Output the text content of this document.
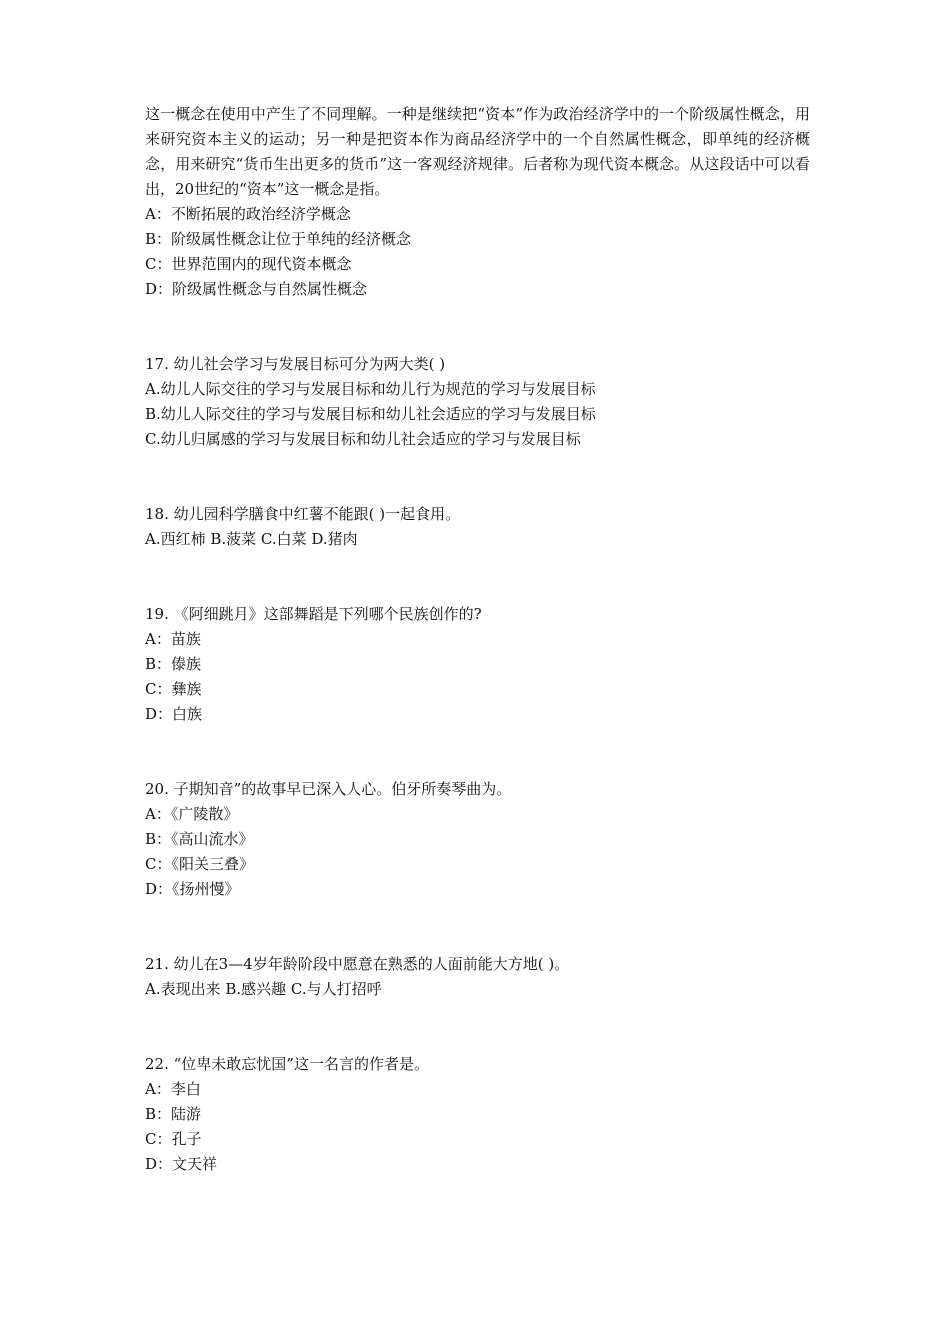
这一概念在使用中产生了不同理解。一种是继续把“资本”作为政治经济学中的一个阶级属性概念，用来研究资本主义的运动；另一种是把资本作为商品经济学中的一个自然属性概念，即单纯的经济概念，用来研究“货币生出更多的货币”这一客观经济规律。后者称为现代资本概念。从这段话中可以看出，20世纪的“资本”这一概念是指。

A：不断拓展的政治经济学概念

B：阶级属性概念让位于单纯的经济概念

C：世界范围内的现代资本概念

D：阶级属性概念与自然属性概念

17. 幼儿社会学习与发展目标可分为两大类( )

A.幼儿人际交往的学习与发展目标和幼儿行为规范的学习与发展目标

B.幼儿人际交往的学习与发展目标和幼儿社会适应的学习与发展目标

C.幼儿归属感的学习与发展目标和幼儿社会适应的学习与发展目标

18. 幼儿园科学膳食中红薯不能跟( )一起食用。

A.西红柿 B.菠菜 C.白菜 D.猪肉

19. 《阿细跳月》这部舞蹈是下列哪个民族创作的?

A：苗族

B：傣族

C：彝族

D：白族

20. 子期知音”的故事早已深入人心。伯牙所奏琴曲为。

A：《广陵散》

B：《高山流水》

C：《阳关三叠》

D：《扬州慢》

21. 幼儿在3—4岁年龄阶段中愿意在熟悉的人面前能大方地( )。

A.表现出来 B.感兴趣 C.与人打招呼

22. “位卑未敢忘忧国”这一名言的作者是。

A：李白

B：陆游

C：孔子

D：文天祥
